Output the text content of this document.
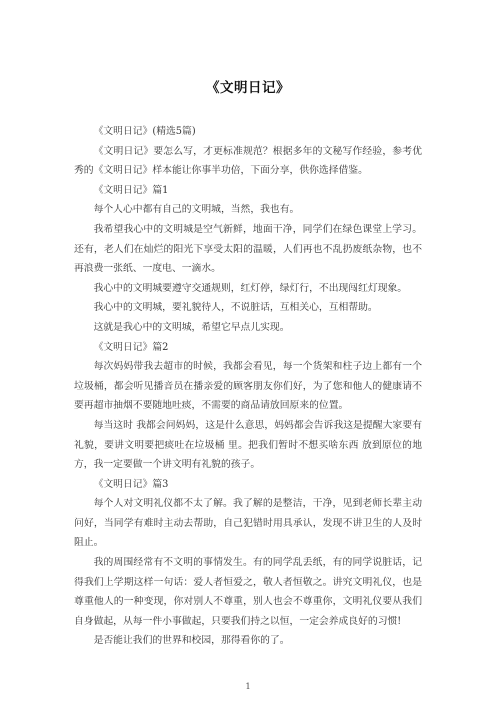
《文明日记》

《文明日记》(精选5篇)

《文明日记》要怎么写，才更标准规范？根据多年的文秘写作经验，参考优秀的《文明日记》样本能让你事半功倍，下面分享，供你选择借鉴。

《文明日记》篇1

每个人心中都有自己的文明城，当然，我也有。

我希望我心中的文明城是空气新鲜，地面干净，同学们在绿色课堂上学习。还有，老人们在灿烂的阳光下享受太阳的温暖，人们再也不乱扔废纸杂物，也不再浪费一张纸、一度电、一滴水。

我心中的文明城要遵守交通规则，红灯停，绿灯行，不出现闯红灯现象。

我心中的文明城，要礼貌待人，不说脏话，互相关心，互相帮助。

这就是我心中的文明城，希望它早点儿实现。

《文明日记》篇2

每次妈妈带我去超市的时候，我都会看见，每一个货架和柱子边上都有一个垃圾桶，都会听见播音员在播亲爱的顾客朋友你们好，为了您和他人的健康请不要再超市抽烟不要随地吐痰，不需要的商品请放回原来的位置。

每当这时 我都会问妈妈，这是什么意思，妈妈都会告诉我这是提醒大家要有礼貌，要讲文明要把痰吐在垃圾桶 里。把我们暂时不想买啥东西 放到原位的地方，我一定要做一个讲文明有礼貌的孩子。

《文明日记》篇3

每个人对文明礼仪都不太了解。我了解的是整洁，干净，见到老师长辈主动问好，当同学有难时主动去帮助，自己犯错时用具承认，发现不讲卫生的人及时阻止。

我的周围经常有不文明的事情发生。有的同学乱丢纸，有的同学说脏话，记得我们上学期这样一句话：爱人者恒爱之，敬人者恒敬之。讲究文明礼仪，也是尊重他人的一种变现，你对别人不尊重，别人也会不尊重你，文明礼仪要从我们自身做起，从每一件小事做起，只要我们持之以恒，一定会养成良好的习惯!

是否能让我们的世界和校园，那得看你的了。

1
